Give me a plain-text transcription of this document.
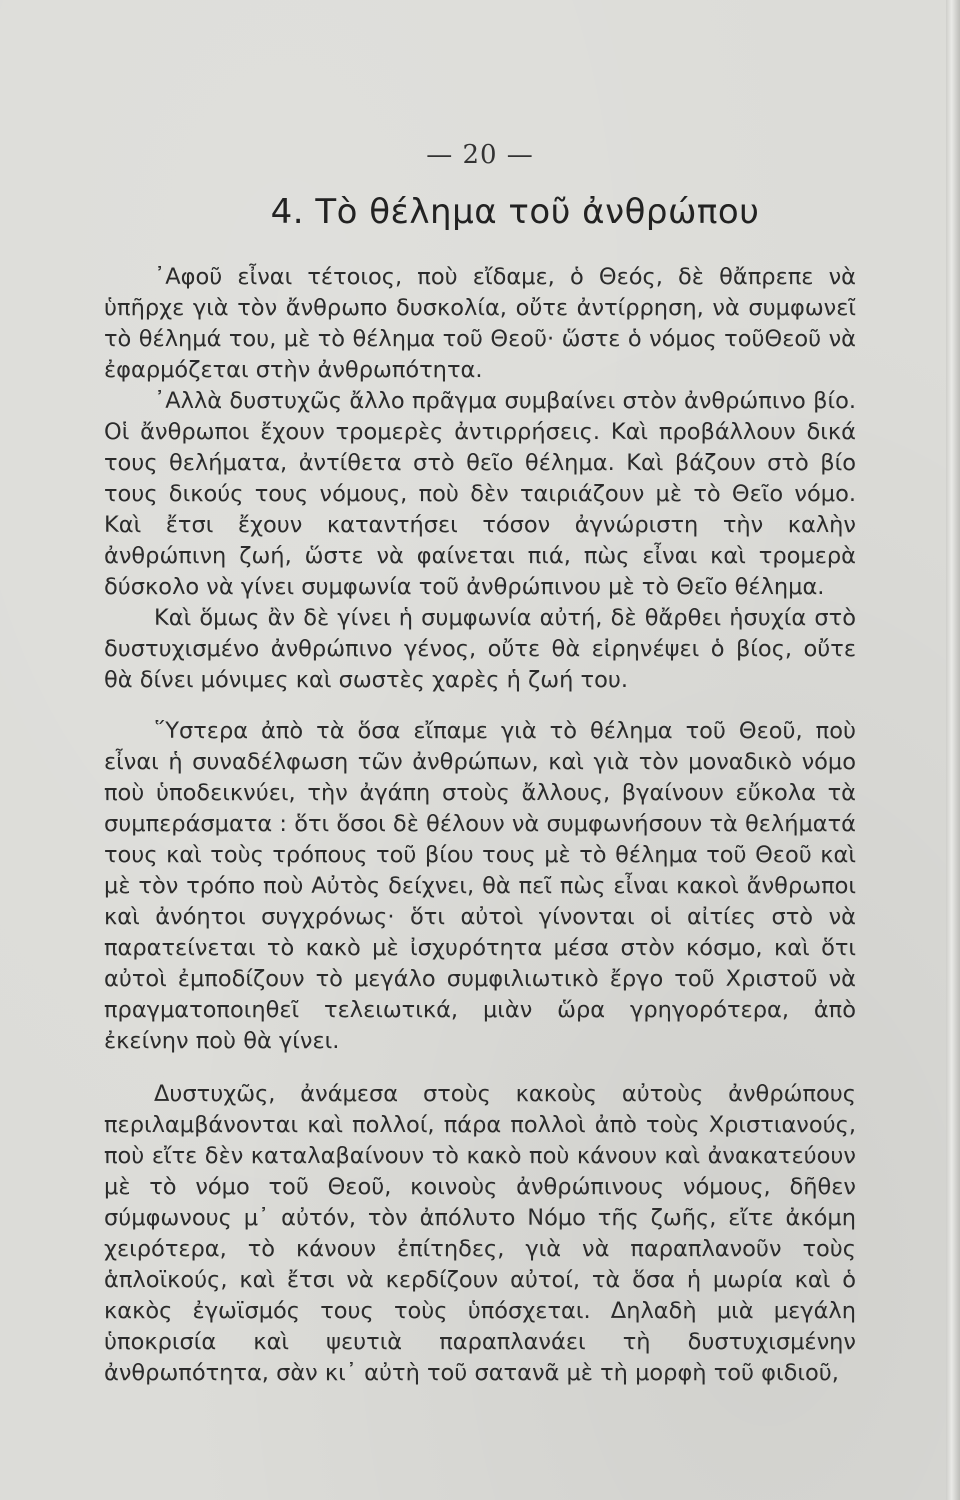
— 20 —
4. Τὸ θέλημα τοῦ ἀνθρώπου

᾿Αφοῦ εἶναι τέτοιος, ποὺ εἴδαμε, ὁ Θεός, δὲ θἄπρεπε νὰ ὑπῆρχε γιὰ τὸν ἄνθρωπο δυσκολία, οὔτε ἀντίρρηση, νὰ συμφωνεῖ τὸ θέλημά του, μὲ τὸ θέλημα τοῦ Θεοῦ· ὥστε ὁ νόμος τοῦΘεοῦ νὰ ἐφαρμόζεται στὴν ἀνθρωπότητα.

᾿Αλλὰ δυστυχῶς ἄλλο πρᾶγμα συμβαίνει στὸν ἀνθρώπινο βίο. Οἱ ἄνθρωποι ἔχουν τρομερὲς ἀντιρρήσεις. Καὶ προβάλλουν δικά τους θελήματα, ἀντίθετα στὸ θεῖο θέλημα. Καὶ βάζουν στὸ βίο τους δικούς τους νόμους, ποὺ δὲν ταιριάζουν μὲ τὸ Θεῖο νόμο. Καὶ ἔτσι ἔχουν καταντήσει τόσον ἀγνώριστη τὴν καλὴν ἀνθρώπινη ζωή, ὥστε νὰ φαίνεται πιά, πὼς εἶναι καὶ τρομερὰ δύσκολο νὰ γίνει συμφωνία τοῦ ἀνθρώπινου μὲ τὸ Θεῖο θέλημα.

Καὶ ὅμως ἂν δὲ γίνει ἡ συμφωνία αὐτή, δὲ θἄρθει ἡσυχία στὸ δυστυχισμένο ἀνθρώπινο γένος, οὔτε θὰ εἰρηνέψει ὁ βίος, οὔτε θὰ δίνει μόνιμες καὶ σωστὲς χαρὲς ἡ ζωή του.

῞Υστερα ἀπὸ τὰ ὅσα εἴπαμε γιὰ τὸ θέλημα τοῦ Θεοῦ, ποὺ εἶναι ἡ συναδέλφωση τῶν ἀνθρώπων, καὶ γιὰ τὸν μοναδικὸ νόμο ποὺ ὑποδεικνύει, τὴν ἀγάπη στοὺς ἄλλους, βγαίνουν εὔκολα τὰ συμπεράσματα : ὅτι ὅσοι δὲ θέλουν νὰ συμφωνήσουν τὰ θελήματά τους καὶ τοὺς τρόπους τοῦ βίου τους μὲ τὸ θέλημα τοῦ Θεοῦ καὶ μὲ τὸν τρόπο ποὺ Αὐτὸς δείχνει, θὰ πεῖ πὼς εἶναι κακοὶ ἄνθρωποι καὶ ἀνόητοι συγχρόνως· ὅτι αὐτοὶ γίνονται οἱ αἰτίες στὸ νὰ παρατείνεται τὸ κακὸ μὲ ἰσχυρότητα μέσα στὸν κόσμο, καὶ ὅτι αὐτοὶ ἐμποδίζουν τὸ μεγάλο συμφιλιωτικὸ ἔργο τοῦ Χριστοῦ νὰ πραγματοποιηθεῖ τελειωτικά, μιὰν ὥρα γρηγορότερα, ἀπὸ ἐκείνην ποὺ θὰ γίνει.

Δυστυχῶς, ἀνάμεσα στοὺς κακοὺς αὐτοὺς ἀνθρώπους περιλαμβάνονται καὶ πολλοί, πάρα πολλοὶ ἀπὸ τοὺς Χριστιανούς, ποὺ εἴτε δὲν καταλαβαίνουν τὸ κακὸ ποὺ κάνουν καὶ ἀνακατεύουν μὲ τὸ νόμο τοῦ Θεοῦ, κοινοὺς ἀνθρώπινους νόμους, δῆθεν σύμφωνους μ᾿ αὐτόν, τὸν ἀπόλυτο Νόμο τῆς ζωῆς, εἴτε ἀκόμη χειρότερα, τὸ κάνουν ἐπίτηδες, γιὰ νὰ παραπλανοῦν τοὺς ἁπλοϊκούς, καὶ ἔτσι νὰ κερδίζουν αὐτοί, τὰ ὅσα ἡ μωρία καὶ ὁ κακὸς ἐγωϊσμός τους τοὺς ὑπόσχεται. Δηλαδὴ μιὰ μεγάλη ὑποκρισία καὶ ψευτιὰ παραπλανάει τὴ δυστυχισμένην ἀνθρωπότητα, σὰν κι᾿ αὐτὴ τοῦ σατανᾶ μὲ τὴ μορφὴ τοῦ φιδιοῦ,
